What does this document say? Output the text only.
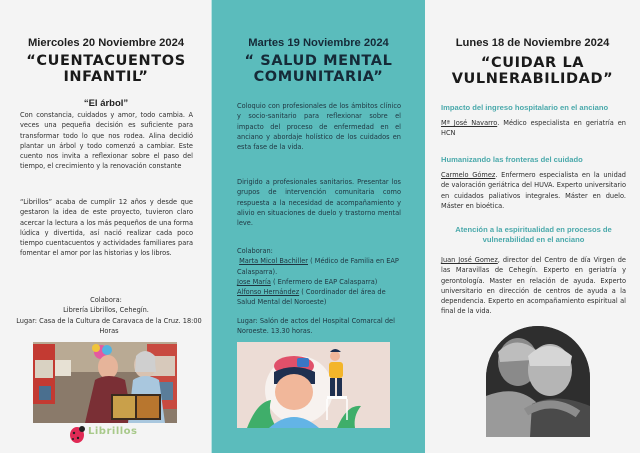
Miercoles 20 Noviembre 2024
“CUENTACUENTOS
INFANTIL”
“El árbol”

Con constancia, cuidados y amor, todo cambia. A veces una pequeña decisión es suficiente para transformar todo lo que nos rodea. Alina decidió plantar un árbol y todo comenzó a cambiar. Este cuento nos invita a reflexionar sobre el paso del tiempo, el crecimiento y la renovación constante

“Librillos” acaba de cumplir 12 años y desde que gestaron la idea de este proyecto, tuvieron claro acercar la lectura a los más pequeños de una forma lúdica y divertida, así nació realizar cada poco tiempo cuentacuentos y actividades familiares para fomentar el amor por las historias y los libros.

Colabora:
Librería Librillos, Cehegín.
Lugar: Casa de la Cultura de Caravaca de la Cruz. 18:00 Horas
Librillos
Martes 19 Noviembre 2024
“ SALUD MENTAL
COMUNITARIA”

Coloquio con profesionales de los ámbitos clínico y socio-sanitario para reflexionar sobre el impacto del proceso de enfermedad en el anciano y abordaje holístico de los cuidados en esta fase de la vida.

Dirigido a profesionales sanitarios. Presentar los grupos de intervención comunitaria como respuesta a la necesidad de acompañamiento y alivio en situaciones de duelo y trastorno mental leve.

Colaboran:
Marta Micol Bachiller ( Médico de Familia en EAP Calasparra).
Jose María ( Enfermero de EAP Calasparra)
Alfonso Hernández ( Coordinador del área de Salud Mental del Noroeste)
Lugar: Salón de actos del Hospital Comarcal del Noroeste. 13.30 horas.
Lunes 18 de Noviembre 2024
“CUIDAR LA
VULNERABILIDAD”
Impacto del ingreso hospitalario en el anciano

Mª José Navarro. Médico especialista en geriatría en HCN

Humanizando las fronteras del cuidado

Carmelo Gómez. Enfermero especialista en la unidad de valoración geriátrica del HUVA. Experto universitario en cuidados paliativos integrales. Máster en duelo. Máster en bioética.

Atención a la espiritualidad en procesos de vulnerabilidad en el anciano

Juan José Gomez, director del Centro de día Virgen de las Maravillas de Cehegín. Experto en geriatría y gerontología. Master en relación de ayuda. Experto universitario en dirección de centros de ayuda a la dependencia. Experto en acompañamiento espiritual al final de la vida.
